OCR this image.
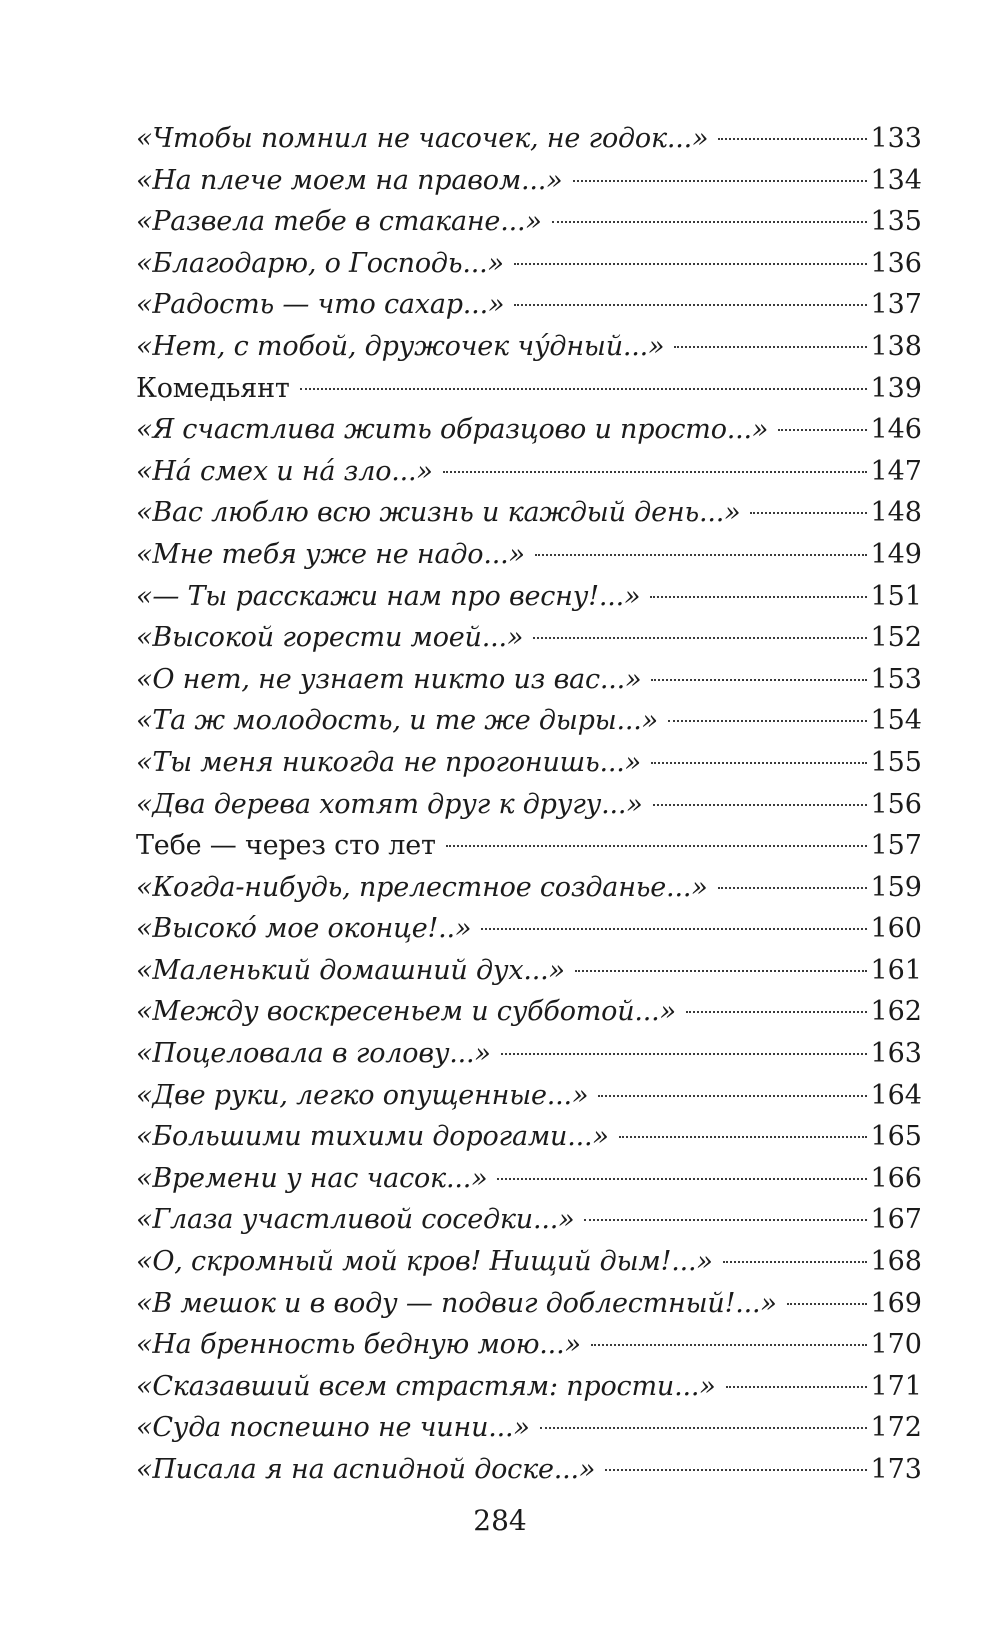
«Чтобы помнил не часочек, не годок...»	133
«На плече моем на правом...»	134
«Развела тебе в стакане...»	135
«Благодарю, о Господь...»	136
«Радость — что сахар...»	137
«Нет, с тобой, дружочек чу́дный...»	138
Комедьянт	139
«Я счастлива жить образцово и просто...»	146
«На́ смех и на́ зло...»	147
«Вас люблю всю жизнь и каждый день...»	148
«Мне тебя уже не надо...»	149
«— Ты расскажи нам про весну!...»	151
«Высокой горести моей...»	152
«О нет, не узнает никто из вас...»	153
«Та ж молодость, и те же дыры...»	154
«Ты меня никогда не прогонишь...»	155
«Два дерева хотят друг к другу...»	156
Тебе — через сто лет	157
«Когда-нибудь, прелестное созданье...»	159
«Высоко́ мое оконце!..»	160
«Маленький домашний дух...»	161
«Между воскресеньем и субботой...»	162
«Поцеловала в голову...»	163
«Две руки, легко опущенные...»	164
«Большими тихими дорогами...»	165
«Времени у нас часок...»	166
«Глаза участливой соседки...»	167
«О, скромный мой кров! Нищий дым!...»	168
«В мешок и в воду — подвиг доблестный!...»	169
«На бренность бедную мою...»	170
«Сказавший всем страстям: прости...»	171
«Суда поспешно не чини...»	172
«Писала я на аспидной доске...»	173
284
